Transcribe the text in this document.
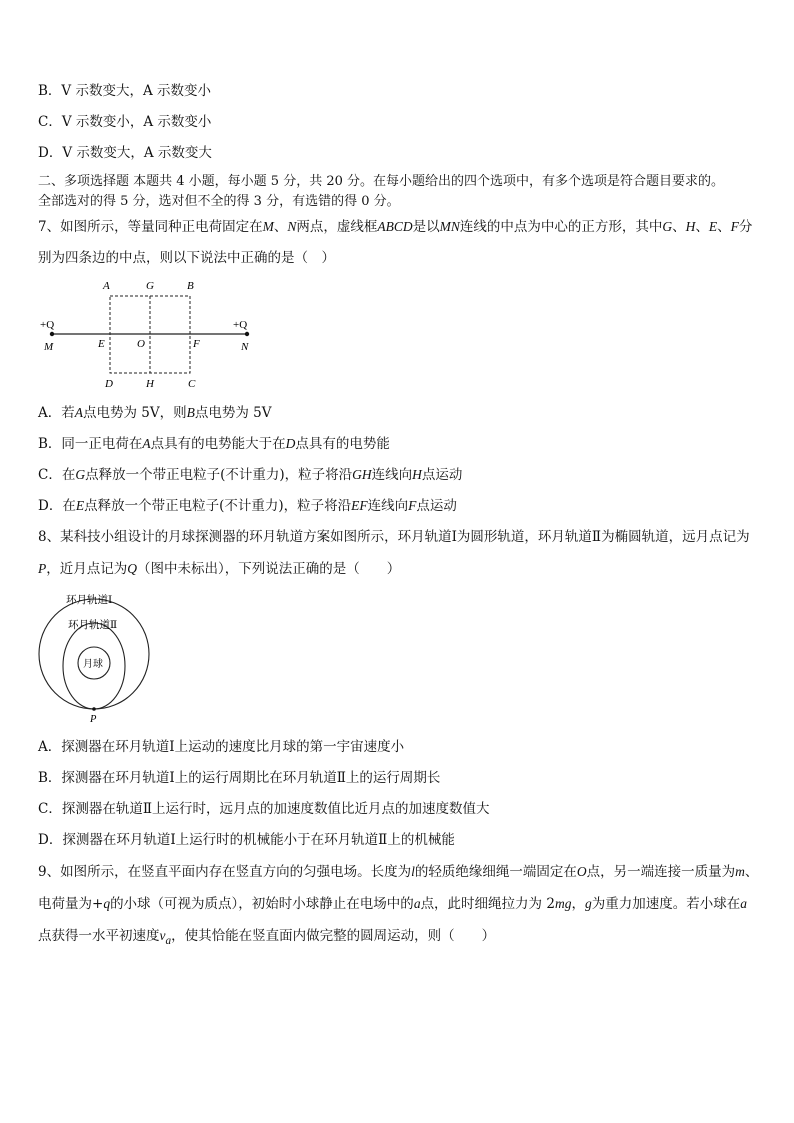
B．V 示数变大，A 示数变小
C．V 示数变小，A 示数变小
D．V 示数变大，A 示数变大
二、多项选择题 本题共 4 小题，每小题 5 分，共 20 分。在每小题给出的四个选项中，有多个选项是符合题目要求的。
全部选对的得 5 分，选对但不全的得 3 分，有选错的得 0 分。
7、如图所示，等量同种正电荷固定在M、N两点，虚线框ABCD是以MN连线的中点为中心的正方形，其中G、H、E、F分别为四条边的中点，则以下说法中正确的是（　）
A	G	B
+Q	+Q
M	E	O	F	N
D	H	C
A．若A点电势为 5V，则B点电势为 5V
B．同一正电荷在A点具有的电势能大于在D点具有的电势能
C．在G点释放一个带正电粒子(不计重力)，粒子将沿GH连线向H点运动
D．在E点释放一个带正电粒子(不计重力)，粒子将沿EF连线向F点运动
8、某科技小组设计的月球探测器的环月轨道方案如图所示，环月轨道Ⅰ为圆形轨道，环月轨道Ⅱ为椭圆轨道，远月点记为P，近月点记为Q（图中未标出），下列说法正确的是（　　）
环月轨道Ⅰ
环月轨道Ⅱ
月球
P
A．探测器在环月轨道Ⅰ上运动的速度比月球的第一宇宙速度小
B．探测器在环月轨道Ⅰ上的运行周期比在环月轨道Ⅱ上的运行周期长
C．探测器在轨道Ⅱ上运行时，远月点的加速度数值比近月点的加速度数值大
D．探测器在环月轨道Ⅰ上运行时的机械能小于在环月轨道Ⅱ上的机械能
9、如图所示，在竖直平面内存在竖直方向的匀强电场。长度为l的轻质绝缘细绳一端固定在O点，另一端连接一质量为m、电荷量为+q的小球（可视为质点），初始时小球静止在电场中的a点，此时细绳拉力为 2mg，g为重力加速度。若小球在a点获得一水平初速度$v_a$，使其恰能在竖直面内做完整的圆周运动，则（　　）
